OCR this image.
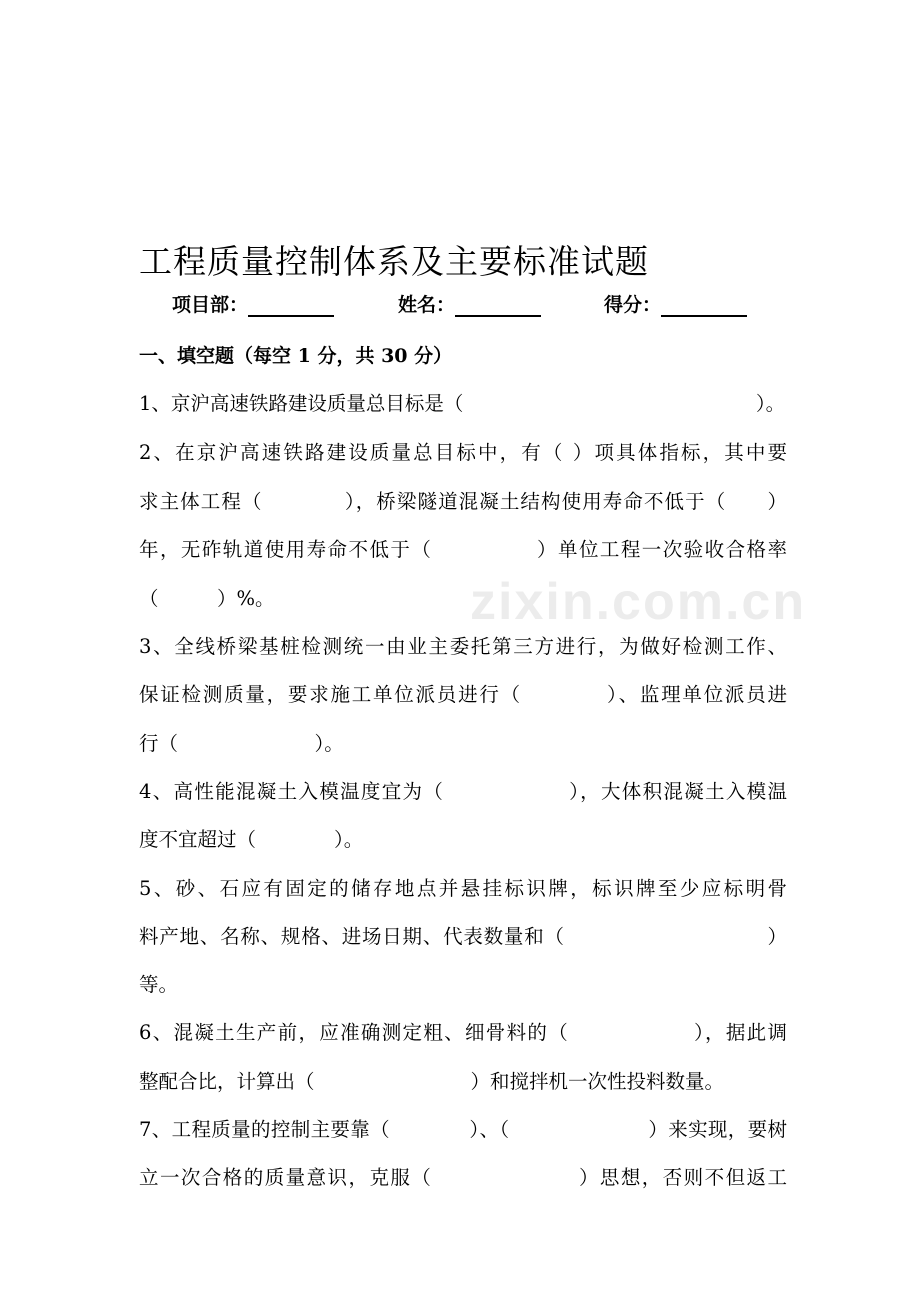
zixin.com.cn
工程质量控制体系及主要标准试题
项目部：	姓名：	得分：
一、填空题（每空 1 分，共 30 分）
1、京沪高速铁路建设质量总目标是（　　　　　　　　　　　　　　　）。
2、在京沪高速铁路建设质量总目标中，有（ ）项具体指标，其中要
求主体工程（　　　　），桥梁隧道混凝土结构使用寿命不低于（　　）
年，无砟轨道使用寿命不低于（　　　　　）单位工程一次验收合格率
（　　　）%。
3、全线桥梁基桩检测统一由业主委托第三方进行，为做好检测工作、
保证检测质量，要求施工单位派员进行（　　　　）、监理单位派员进
行（　　　　　　　）。
4、高性能混凝土入模温度宜为（　　　　　　），大体积混凝土入模温
度不宜超过（　　　　）。
5、砂、石应有固定的储存地点并悬挂标识牌，标识牌至少应标明骨
料产地、名称、规格、进场日期、代表数量和（　　　　　　　　　　）
等。
6、混凝土生产前，应准确测定粗、细骨料的（　　　　　　），据此调
整配合比，计算出（　　　　　　　　）和搅拌机一次性投料数量。
7、工程质量的控制主要靠（　　　　）、（　　　　　　　）来实现，要树
立一次合格的质量意识，克服（　　　　　　　）思想，否则不但返工
